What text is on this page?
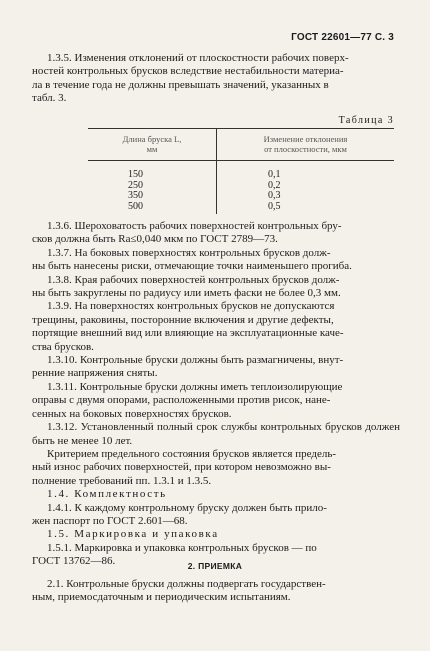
ГОСТ 22601—77 С. 3

1.3.5. Изменения отклонений от плоскостности рабочих поверх-

ностей контрольных брусков вследствие нестабильности материа-

ла в течение года не должны превышать значений, указанных в

табл. 3.

Таблица 3
Длина бруска L,
мм
Изменение отклонения
от плоскостности, мкм
150
250
350
500
0,1
0,2
0,3
0,5

1.3.6. Шероховатость рабочих поверхностей контрольных бру-

сков должна быть Ra≤0,040 мкм по ГОСТ 2789—73.

1.3.7. На боковых поверхностях контрольных брусков долж-

ны быть нанесены риски, отмечающие точки наименьшего прогиба.

1.3.8. Края рабочих поверхностей контрольных брусков долж-

ны быть закруглены по радиусу или иметь фаски не более 0,3 мм.

1.3.9. На поверхностях контрольных брусков не допускаются

трещины, раковины, посторонние включения и другие дефекты,

портящие внешний вид или влияющие на эксплуатационные каче-

ства брусков.

1.3.10. Контрольные бруски должны быть размагничены, внут-

ренние напряжения сняты.

1.3.11. Контрольные бруски должны иметь теплоизолирующие

оправы с двумя опорами, расположенными против рисок, нане-

сенных на боковых поверхностях брусков.

1.3.12. Установленный полный срок службы контрольных брусков должен быть не менее 10 лет.

Критерием предельного состояния брусков является предель-

ный износ рабочих поверхностей, при котором невозможно вы-

полнение требований пп. 1.3.1 и 1.3.5.

1.4. Комплектность

1.4.1. К каждому контрольному бруску должен быть прило-

жен паспорт по ГОСТ 2.601—68.

1.5. Маркировка и упаковка

1.5.1. Маркировка и упаковка контрольных брусков — по

ГОСТ 13762—86.	2. ПРИЕМКА

2.1. Контрольные бруски должны подвергать государствен-

ным, приемосдаточным и периодическим испытаниям.
